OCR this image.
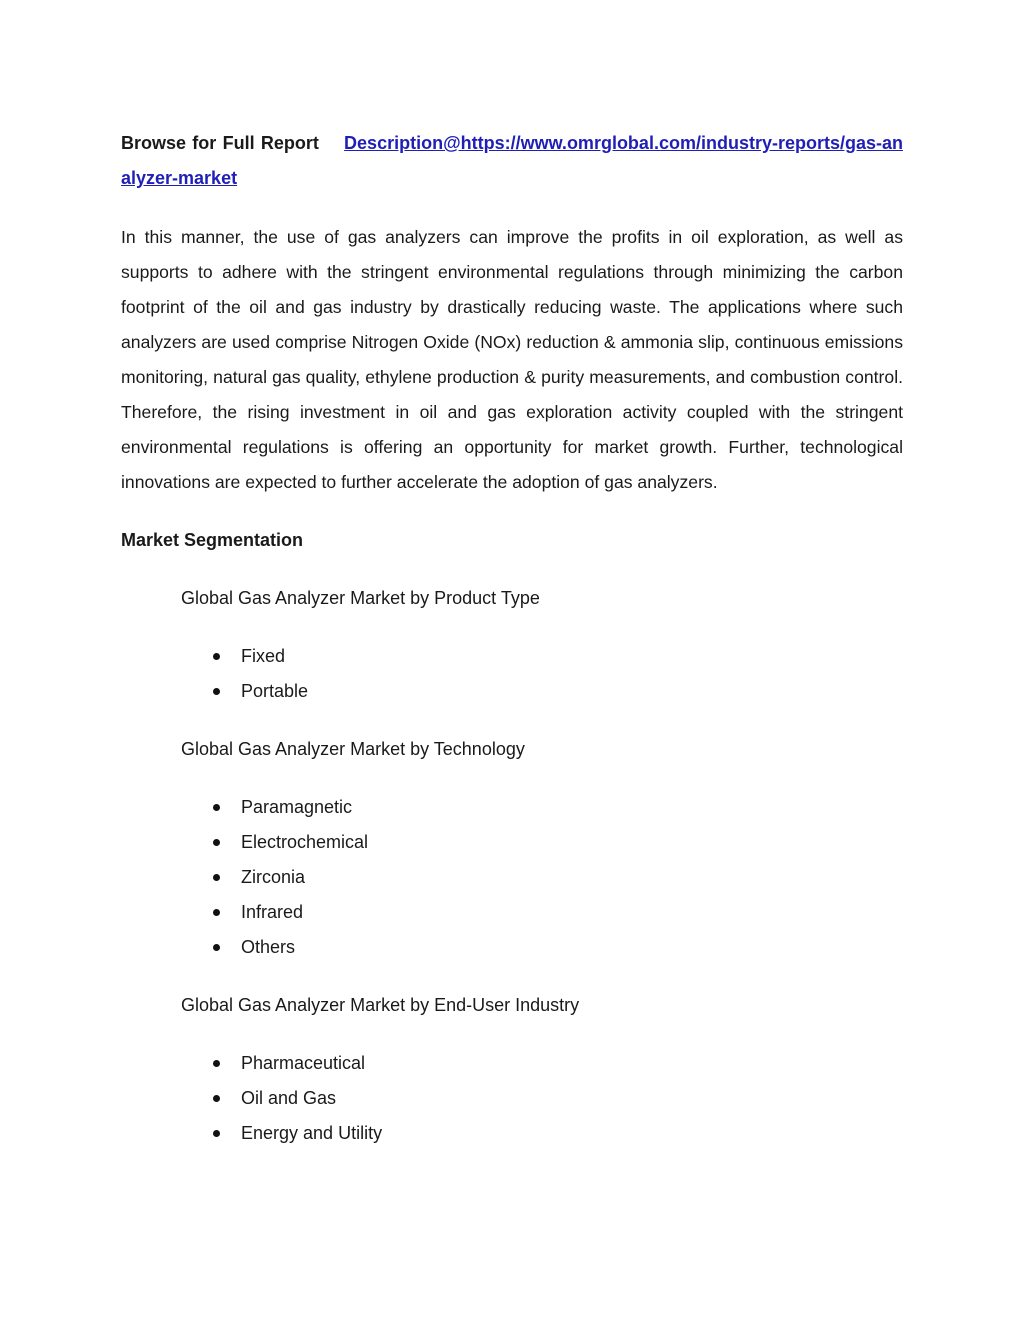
Browse for Full Report Description@https://www.omrglobal.com/industry-reports/gas-analyzer-market

In this manner, the use of gas analyzers can improve the profits in oil exploration, as well as supports to adhere with the stringent environmental regulations through minimizing the carbon footprint of the oil and gas industry by drastically reducing waste. The applications where such analyzers are used comprise Nitrogen Oxide (NOx) reduction & ammonia slip, continuous emissions monitoring, natural gas quality, ethylene production & purity measurements, and combustion control. Therefore, the rising investment in oil and gas exploration activity coupled with the stringent environmental regulations is offering an opportunity for market growth. Further, technological innovations are expected to further accelerate the adoption of gas analyzers.

Market Segmentation
Global Gas Analyzer Market by Product Type
Fixed
Portable
Global Gas Analyzer Market by Technology
Paramagnetic
Electrochemical
Zirconia
Infrared
Others
Global Gas Analyzer Market by End-User Industry
Pharmaceutical
Oil and Gas
Energy and Utility
